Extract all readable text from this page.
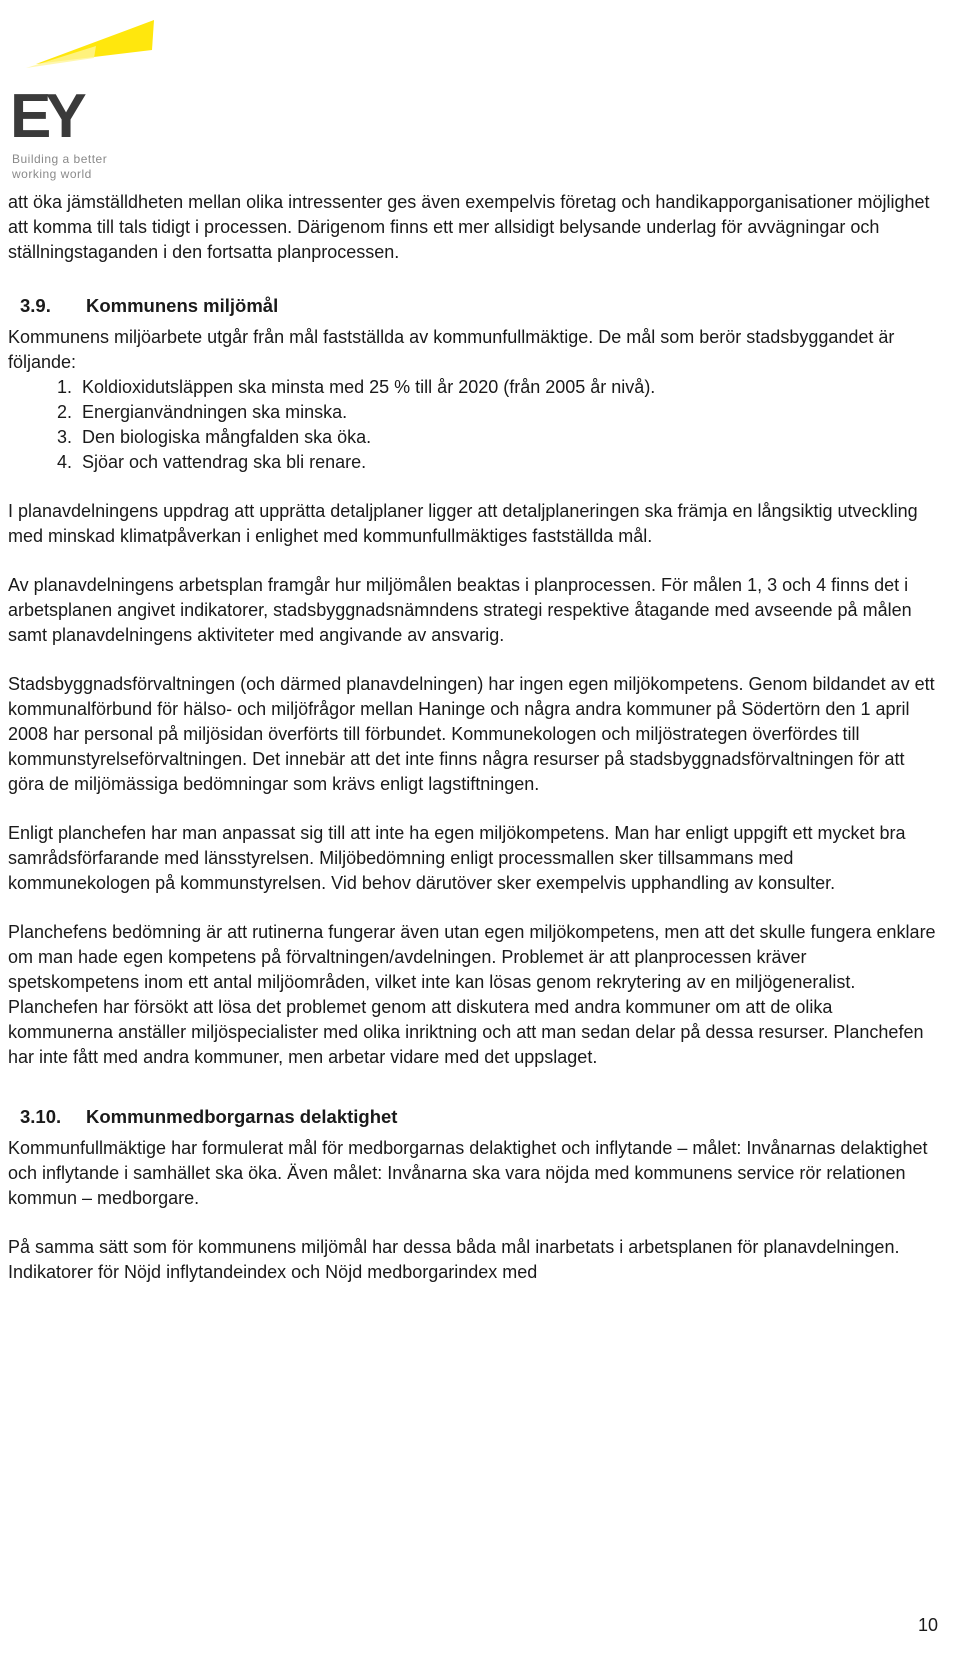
EY
Building a better
working world

att öka jämställdheten mellan olika intressenter ges även exempelvis företag och handikapporganisationer möjlighet att komma till tals tidigt i processen. Därigenom finns ett mer allsidigt belysande underlag för avvägningar och ställningstaganden i den fortsatta planprocessen.

3.9. Kommunens miljömål

Kommunens miljöarbete utgår från mål fastställda av kommunfullmäktige. De mål som berör stadsbyggandet är följande:

1. Koldioxidutsläppen ska minsta med 25 % till år 2020 (från 2005 år nivå).
2. Energianvändningen ska minska.
3. Den biologiska mångfalden ska öka.
4. Sjöar och vattendrag ska bli renare.

I planavdelningens uppdrag att upprätta detaljplaner ligger att detaljplaneringen ska främja en långsiktig utveckling med minskad klimatpåverkan i enlighet med kommunfullmäktiges fastställda mål.

Av planavdelningens arbetsplan framgår hur miljömålen beaktas i planprocessen. För målen 1, 3 och 4 finns det i arbetsplanen angivet indikatorer, stadsbyggnadsnämndens strategi respektive åtagande med avseende på målen samt planavdelningens aktiviteter med angivande av ansvarig.

Stadsbyggnadsförvaltningen (och därmed planavdelningen) har ingen egen miljökompetens. Genom bildandet av ett kommunalförbund för hälso- och miljöfrågor mellan Haninge och några andra kommuner på Södertörn den 1 april 2008 har personal på miljösidan överförts till förbundet. Kommunekologen och miljöstrategen överfördes till kommunstyrelseförvaltningen. Det innebär att det inte finns några resurser på stadsbyggnadsförvaltningen för att göra de miljömässiga bedömningar som krävs enligt lagstiftningen.

Enligt planchefen har man anpassat sig till att inte ha egen miljökompetens. Man har enligt uppgift ett mycket bra samrådsförfarande med länsstyrelsen. Miljöbedömning enligt processmallen sker tillsammans med kommunekologen på kommunstyrelsen. Vid behov därutöver sker exempelvis upphandling av konsulter.

Planchefens bedömning är att rutinerna fungerar även utan egen miljökompetens, men att det skulle fungera enklare om man hade egen kompetens på förvaltningen/avdelningen. Problemet är att planprocessen kräver spetskompetens inom ett antal miljöområden, vilket inte kan lösas genom rekrytering av en miljögeneralist. Planchefen har försökt att lösa det problemet genom att diskutera med andra kommuner om att de olika kommunerna anställer miljöspecialister med olika inriktning och att man sedan delar på dessa resurser. Planchefen har inte fått med andra kommuner, men arbetar vidare med det uppslaget.

3.10. Kommunmedborgarnas delaktighet

Kommunfullmäktige har formulerat mål för medborgarnas delaktighet och inflytande – målet: Invånarnas delaktighet och inflytande i samhället ska öka. Även målet: Invånarna ska vara nöjda med kommunens service rör relationen kommun – medborgare.

På samma sätt som för kommunens miljömål har dessa båda mål inarbetats i arbetsplanen för planavdelningen. Indikatorer för Nöjd inflytandeindex och Nöjd medborgarindex med

10
